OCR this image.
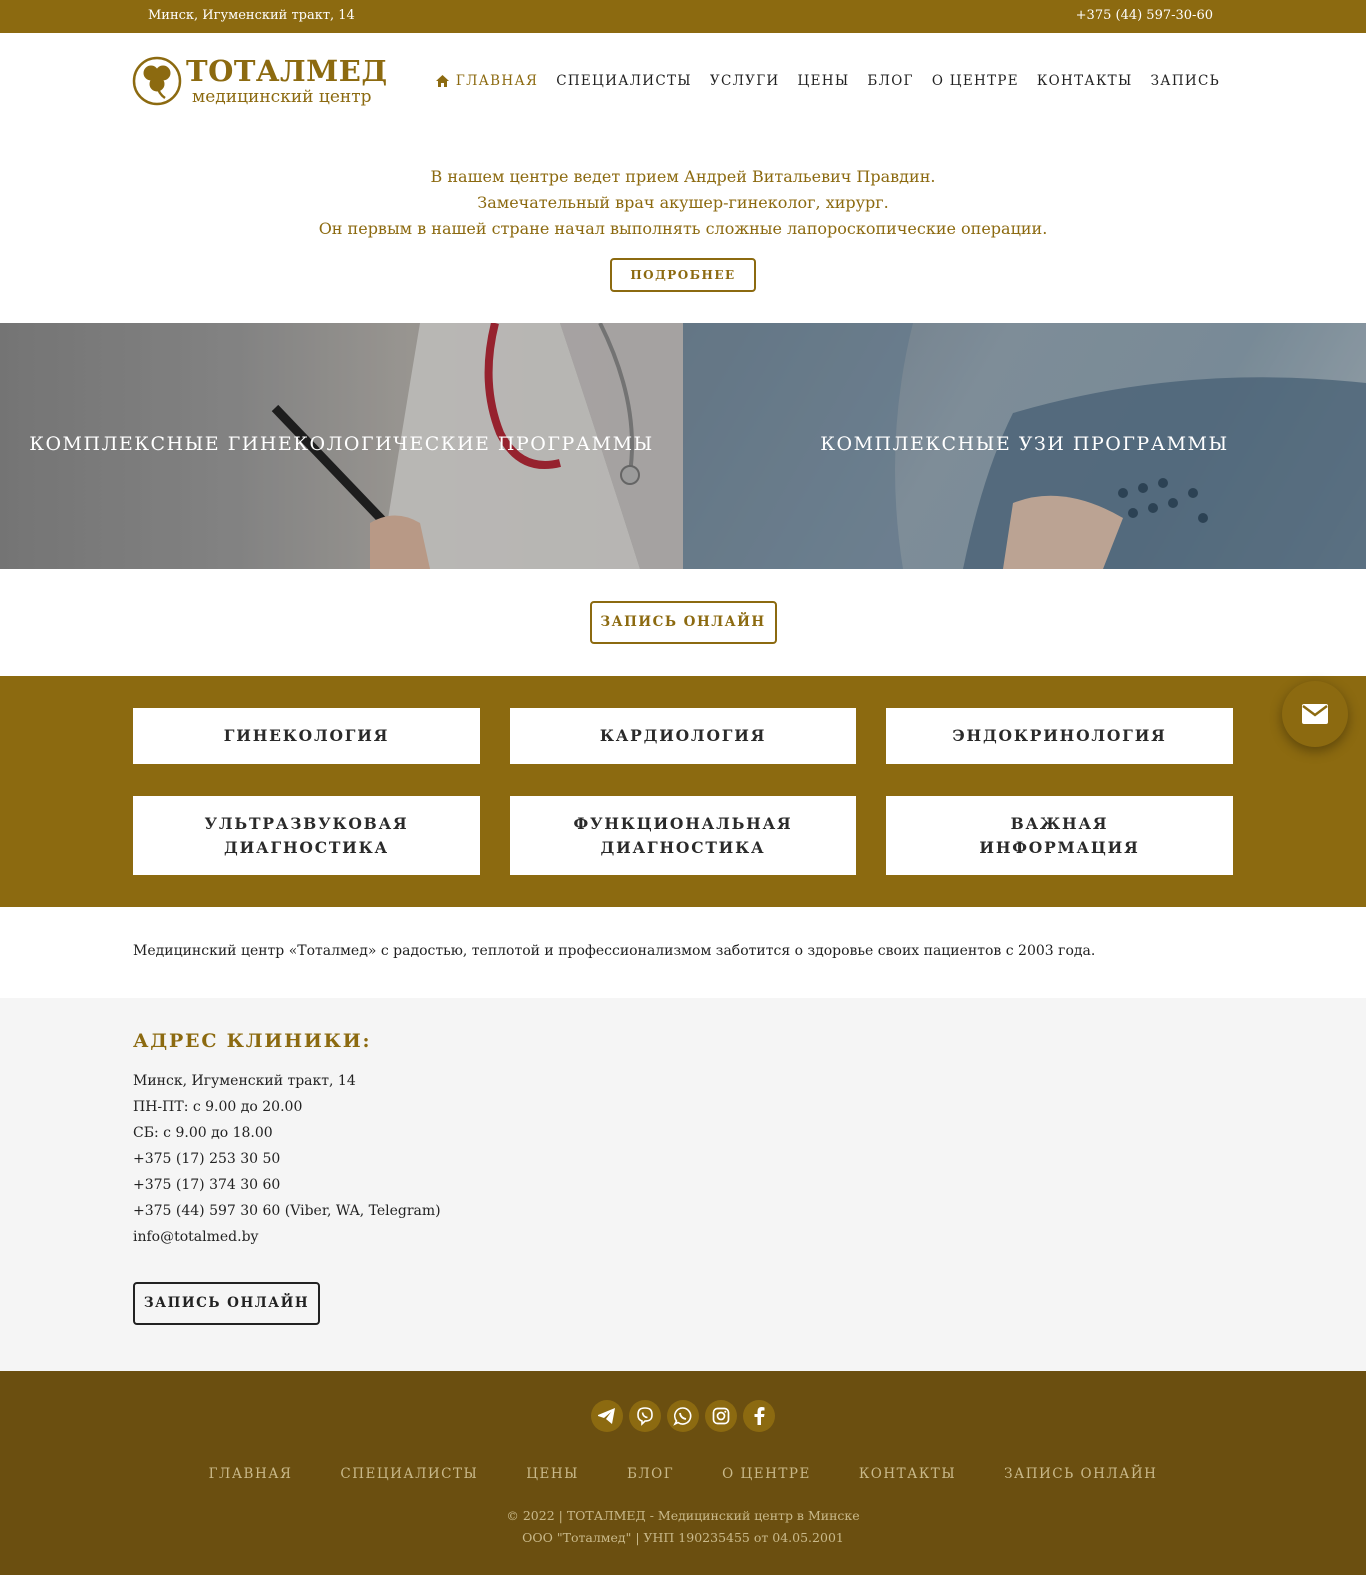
Минск, Игуменский тракт, 14	+375 (44) 597-30-60
ТОТАЛМЕД
медицинский центр
ГЛАВНАЯ СПЕЦИАЛИСТЫ УСЛУГИ ЦЕНЫ БЛОГ О ЦЕНТРЕ КОНТАКТЫ ЗАПИСЬ
В нашем центре ведет прием Андрей Витальевич Правдин.
Замечательный врач акушер-гинеколог, хирург.
Он первым в нашей стране начал выполнять сложные лапороскопические операции.
ПОДРОБНЕЕ
КОМПЛЕКСНЫЕ ГИНЕКОЛОГИЧЕСКИЕ ПРОГРАММЫ	КОМПЛЕКСНЫЕ УЗИ ПРОГРАММЫ
ЗАПИСЬ ОНЛАЙН
ГИНЕКОЛОГИЯ	КАРДИОЛОГИЯ	ЭНДОКРИНОЛОГИЯ
УЛЬТРАЗВУКОВАЯ
ДИАГНОСТИКА
ФУНКЦИОНАЛЬНАЯ
ДИАГНОСТИКА
ВАЖНАЯ
ИНФОРМАЦИЯ

Медицинский центр «Тоталмед» с радостью, теплотой и профессионализмом заботится о здоровье своих пациентов с 2003 года.

АДРЕС КЛИНИКИ:
Минск, Игуменский тракт, 14
ПН-ПТ: с 9.00 до 20.00
СБ: с 9.00 до 18.00
+375 (17) 253 30 50
+375 (17) 374 30 60
+375 (44) 597 30 60 (Viber, WA, Telegram)
info@totalmed.by
ЗАПИСЬ ОНЛАЙН
ГЛАВНАЯ	СПЕЦИАЛИСТЫ	ЦЕНЫ	БЛОГ	О ЦЕНТРЕ	КОНТАКТЫ	ЗАПИСЬ ОНЛАЙН
© 2022 | ТОТАЛМЕД - Медицинский центр в Минске
ООО "Тоталмед" | УНП 190235455 от 04.05.2001
